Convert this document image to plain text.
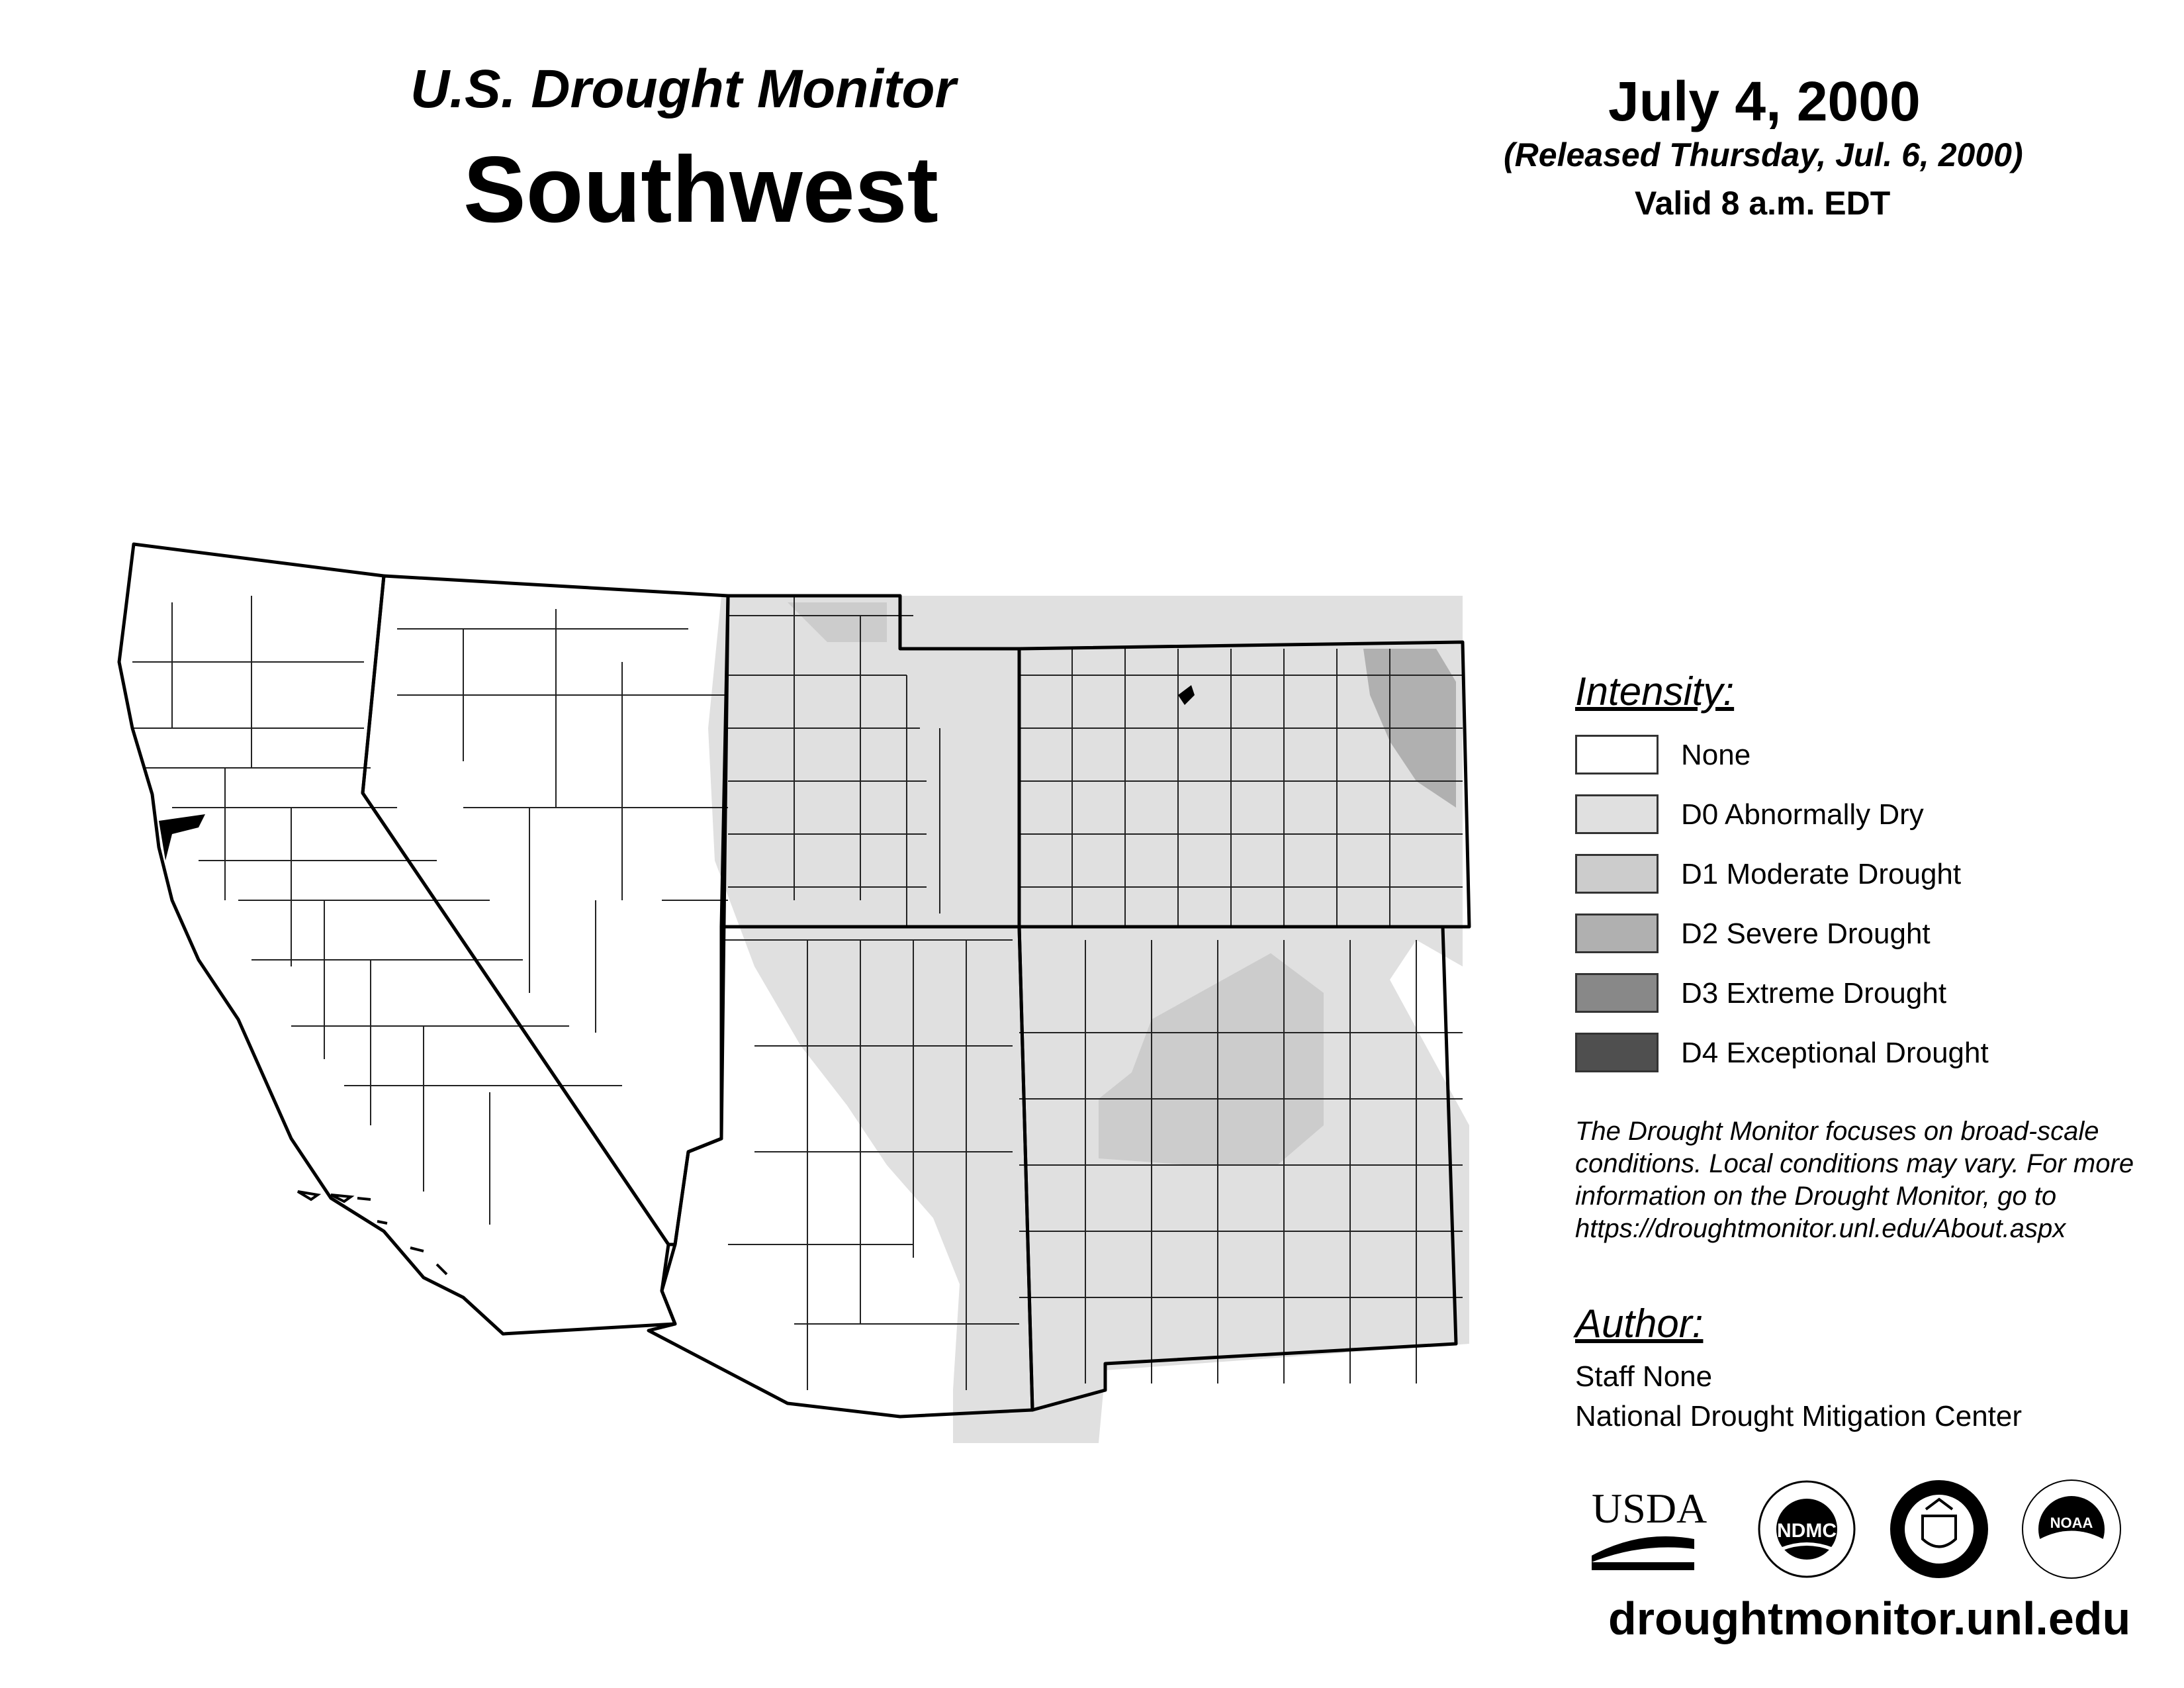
U.S. Drought Monitor
Southwest
July 4, 2000
(Released Thursday, Jul. 6, 2000)
Valid 8 a.m. EDT
Intensity:
None
D0 Abnormally Dry
D1 Moderate Drought
D2 Severe Drought
D3 Extreme Drought
D4 Exceptional Drought
The Drought Monitor focuses on broad-scale
conditions. Local conditions may vary. For more
information on the Drought Monitor, go to
https://droughtmonitor.unl.edu/About.aspx
Author:
Staff None
National Drought Mitigation Center
USDA	NDMC	NOAA
droughtmonitor.unl.edu
